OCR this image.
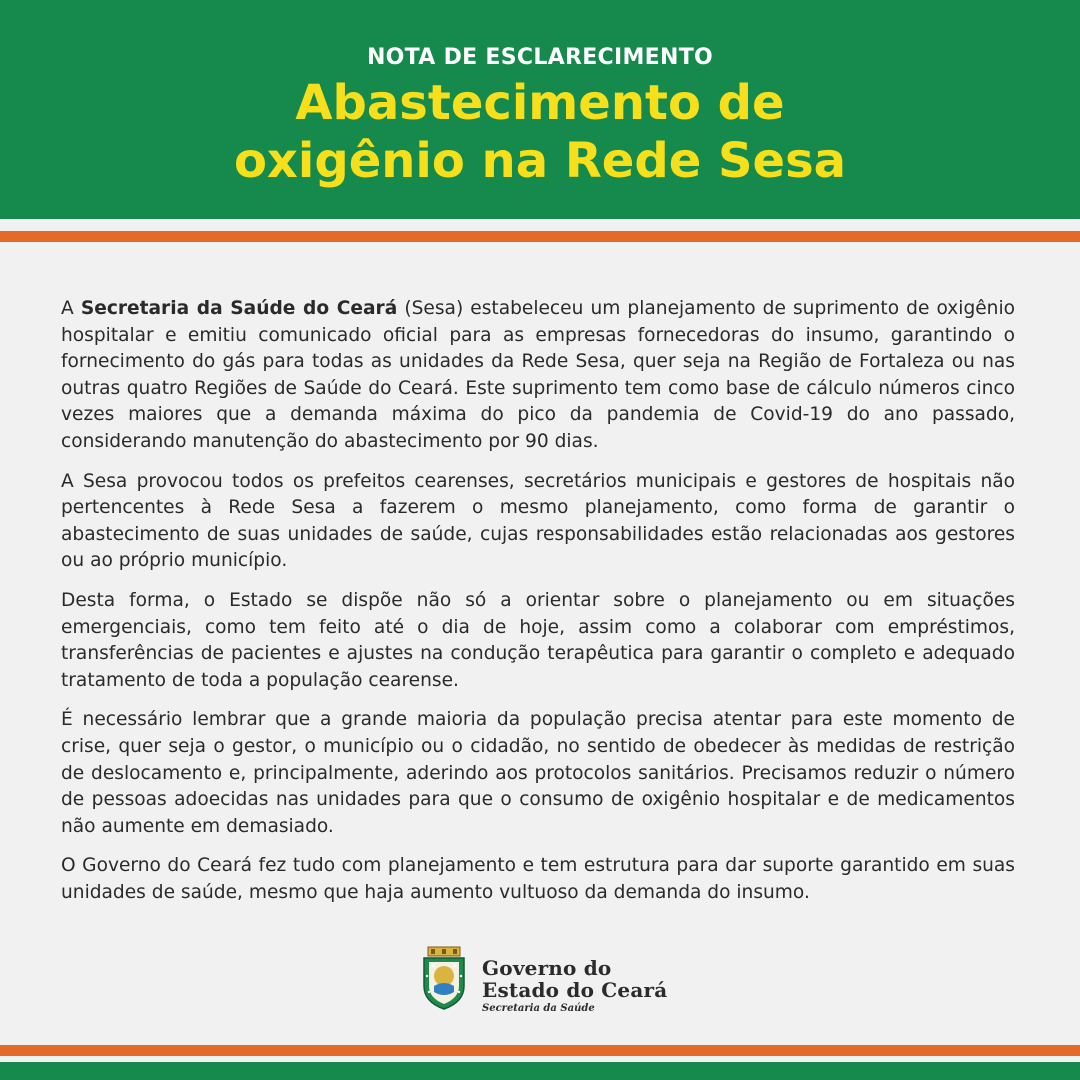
NOTA DE ESCLARECIMENTO
Abastecimento de
oxigênio na Rede Sesa

A Secretaria da Saúde do Ceará (Sesa) estabeleceu um planejamento de suprimento de oxigênio hospitalar e emitiu comunicado oficial para as empresas fornecedoras do insumo, garantindo o fornecimento do gás para todas as unidades da Rede Sesa, quer seja na Região de Fortaleza ou nas outras quatro Regiões de Saúde do Ceará. Este suprimento tem como base de cálculo números cinco vezes maiores que a demanda máxima do pico da pandemia de Covid-19 do ano passado, considerando manutenção do abastecimento por 90 dias.

A Sesa provocou todos os prefeitos cearenses, secretários municipais e gestores de hospitais não pertencentes à Rede Sesa a fazerem o mesmo planejamento, como forma de garantir o abastecimento de suas unidades de saúde, cujas responsabilidades estão relacionadas aos gestores ou ao próprio município.

Desta forma, o Estado se dispõe não só a orientar sobre o planejamento ou em situações emergenciais, como tem feito até o dia de hoje, assim como a colaborar com empréstimos, transferências de pacientes e ajustes na condução terapêutica para garantir o completo e adequado tratamento de toda a população cearense.

É necessário lembrar que a grande maioria da população precisa atentar para este momento de crise, quer seja o gestor, o município ou o cidadão, no sentido de obedecer às medidas de restrição de deslocamento e, principalmente, aderindo aos protocolos sanitários. Precisamos reduzir o número de pessoas adoecidas nas unidades para que o consumo de oxigênio hospitalar e de medicamentos não aumente em demasiado.

O Governo do Ceará fez tudo com planejamento e tem estrutura para dar suporte garantido em suas unidades de saúde, mesmo que haja aumento vultuoso da demanda do insumo.

Governo do
Estado do Ceará
Secretaria da Saúde
